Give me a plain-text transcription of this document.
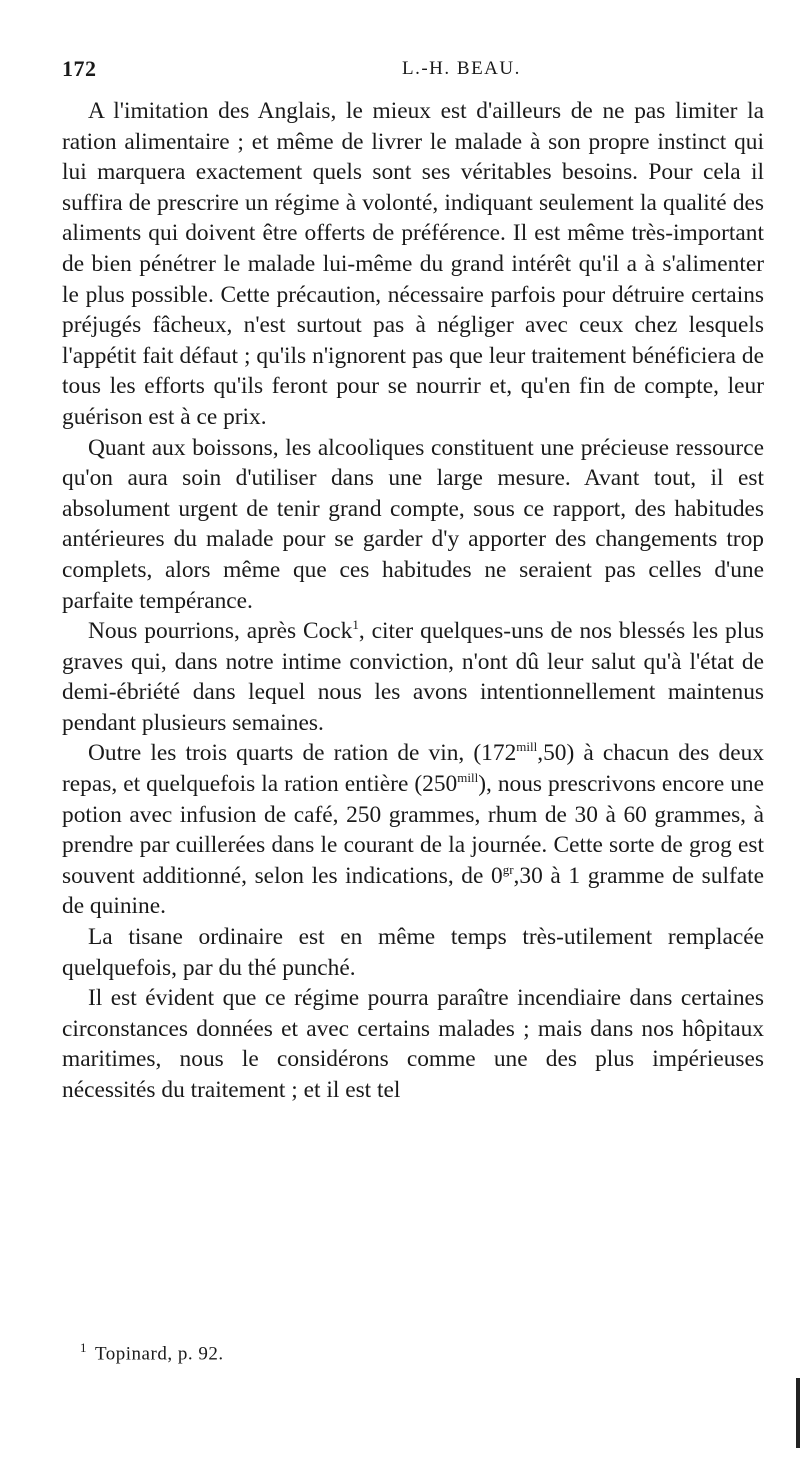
172	L.-H. BEAU.

A l'imitation des Anglais, le mieux est d'ailleurs de ne pas limiter la ration alimentaire ; et même de livrer le malade à son propre instinct qui lui marquera exactement quels sont ses véritables besoins. Pour cela il suffira de prescrire un régime à volonté, indiquant seulement la qualité des aliments qui doivent être offerts de préférence. Il est même très-important de bien pénétrer le malade lui-même du grand intérêt qu'il a à s'alimenter le plus possible. Cette précaution, nécessaire parfois pour détruire certains préjugés fâcheux, n'est surtout pas à négliger avec ceux chez lesquels l'appétit fait défaut ; qu'ils n'ignorent pas que leur traitement bénéficiera de tous les efforts qu'ils feront pour se nourrir et, qu'en fin de compte, leur guérison est à ce prix.

Quant aux boissons, les alcooliques constituent une précieuse ressource qu'on aura soin d'utiliser dans une large mesure. Avant tout, il est absolument urgent de tenir grand compte, sous ce rapport, des habitudes antérieures du malade pour se garder d'y apporter des changements trop complets, alors même que ces habitudes ne seraient pas celles d'une parfaite tempérance.

Nous pourrions, après Cock$^1$, citer quelques-uns de nos blessés les plus graves qui, dans notre intime conviction, n'ont dû leur salut qu'à l'état de demi-ébriété dans lequel nous les avons intentionnellement maintenus pendant plusieurs semaines.

Outre les trois quarts de ration de vin, $(172^{mill},50)$ à chacun des deux repas, et quelquefois la ration entière $(250^{mill})$, nous prescrivons encore une potion avec infusion de café, 250 grammes, rhum de 30 à 60 grammes, à prendre par cuillerées dans le courant de la journée. Cette sorte de grog est souvent additionné, selon les indications, de $0^{gr},30$ à 1 gramme de sulfate de quinine.

La tisane ordinaire est en même temps très-utilement remplacée quelquefois, par du thé punché.

Il est évident que ce régime pourra paraître incendiaire dans certaines circonstances données et avec certains malades ; mais dans nos hôpitaux maritimes, nous le considérons comme une des plus impérieuses nécessités du traitement ; et il est tel

$^1$ Topinard, p. 92.
